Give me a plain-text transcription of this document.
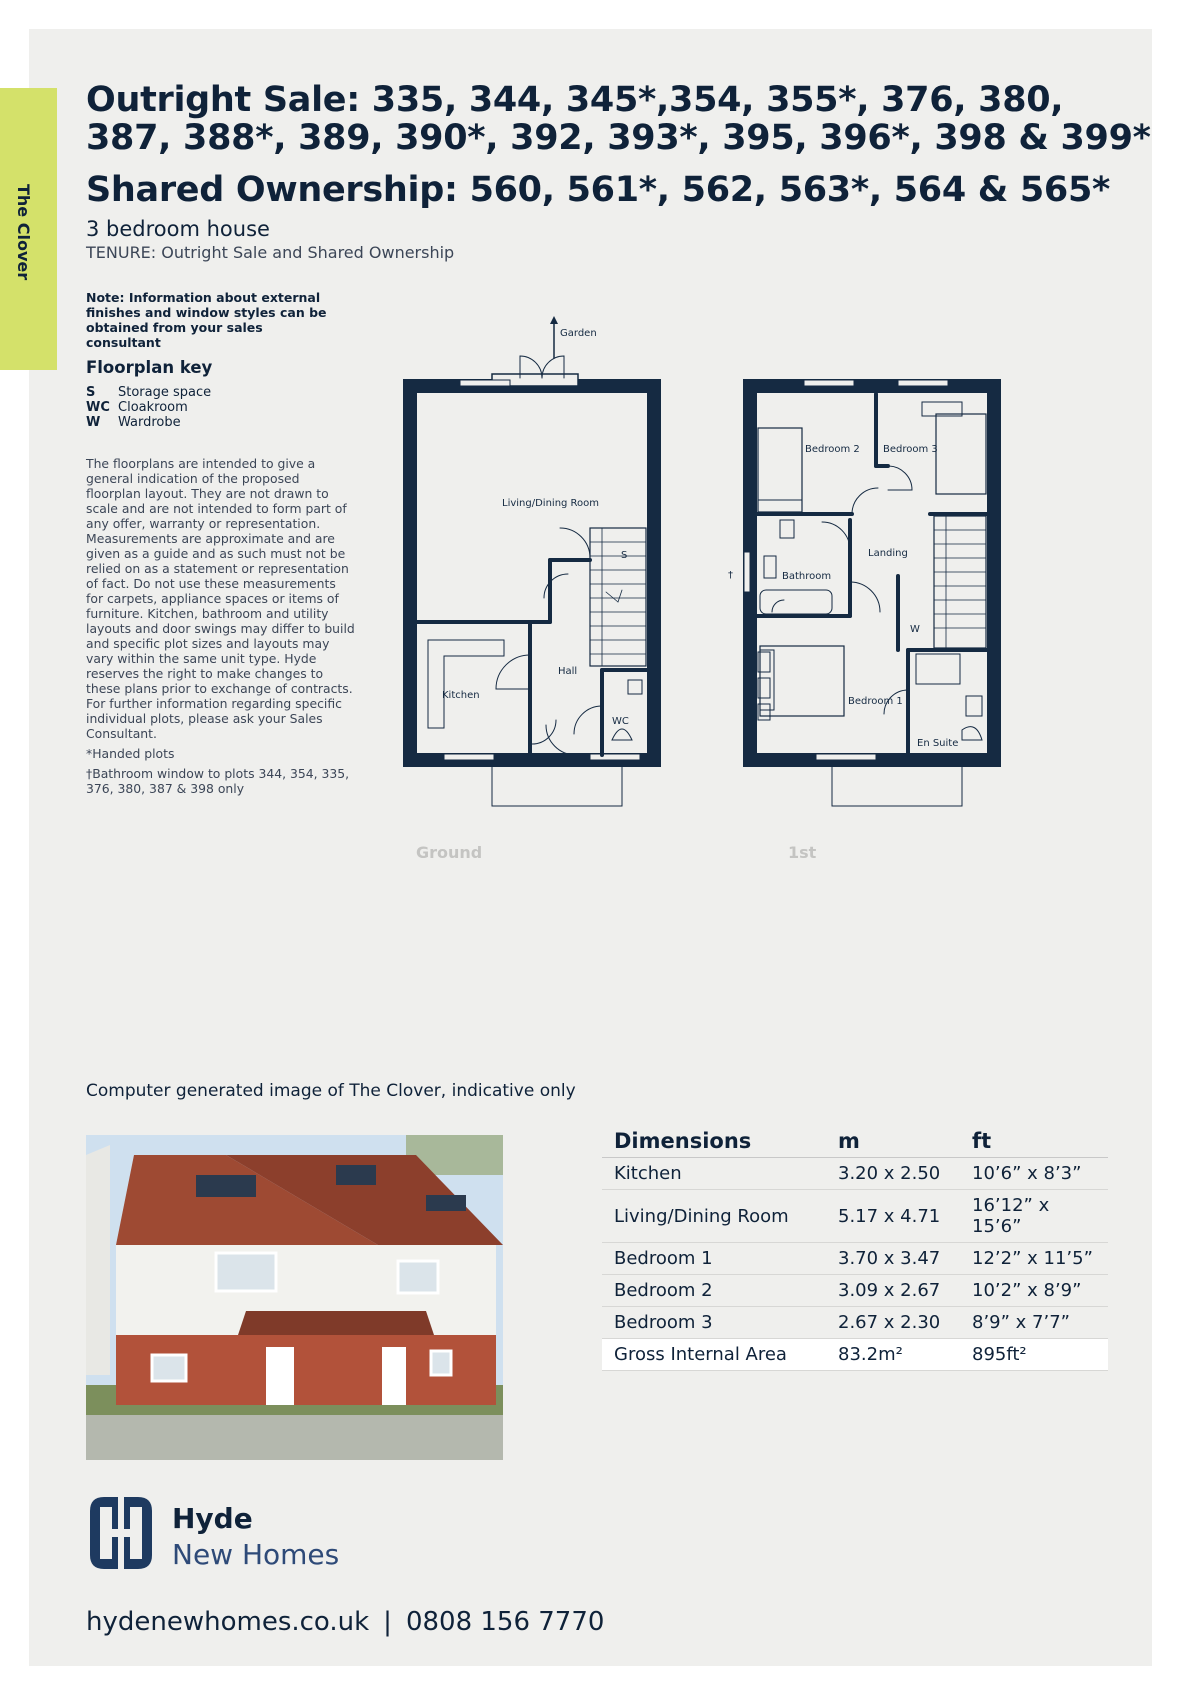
The Clover
Outright Sale: 335, 344, 345*,354, 355*, 376, 380,
387, 388*, 389, 390*, 392, 393*, 395, 396*, 398 & 399*
Shared Ownership: 560, 561*, 562, 563*, 564 & 565*
3 bedroom house
TENURE: Outright Sale and Shared Ownership
Note: Information about external finishes and window styles can be obtained from your sales consultant
Floorplan key
S	Storage space
WC Cloakroom
W	Wardrobe

The floorplans are intended to give a general indication of the proposed floorplan layout. They are not drawn to scale and are not intended to form part of any offer, warranty or representation. Measurements are approximate and are given as a guide and as such must not be relied on as a statement or representation of fact. Do not use these measurements for carpets, appliance spaces or items of furniture. Kitchen, bathroom and utility layouts and door swings may differ to build and specific plot sizes and layouts may vary within the same unit type. Hyde reserves the right to make changes to these plans prior to exchange of contracts. For further information regarding specific individual plots, please ask your Sales Consultant.

*Handed plots

†Bathroom window to plots 344, 354, 335, 376, 380, 387 & 398 only

Garden
Living/Dining Room
Kitchen
Hall
WC
S
Bedroom 2 Bedroom 3
Bathroom
Landing
W
Bedroom 1
En Suite
†
Ground	1st
Computer generated image of The Clover, indicative only
Dimensions	m	ft
Kitchen	3.20 x 2.50	10’6” x 8’3”
Living/Dining Room	5.17 x 4.71	16’12” x 15’6”
Bedroom 1	3.70 x 3.47	12’2” x 11’5”
Bedroom 2	3.09 x 2.67	10’2” x 8’9”
Bedroom 3	2.67 x 2.30	8’9” x 7’7”
Gross Internal Area	83.2m²	895ft²
Hyde
New Homes
hydenewhomes.co.uk | 0808 156 7770
